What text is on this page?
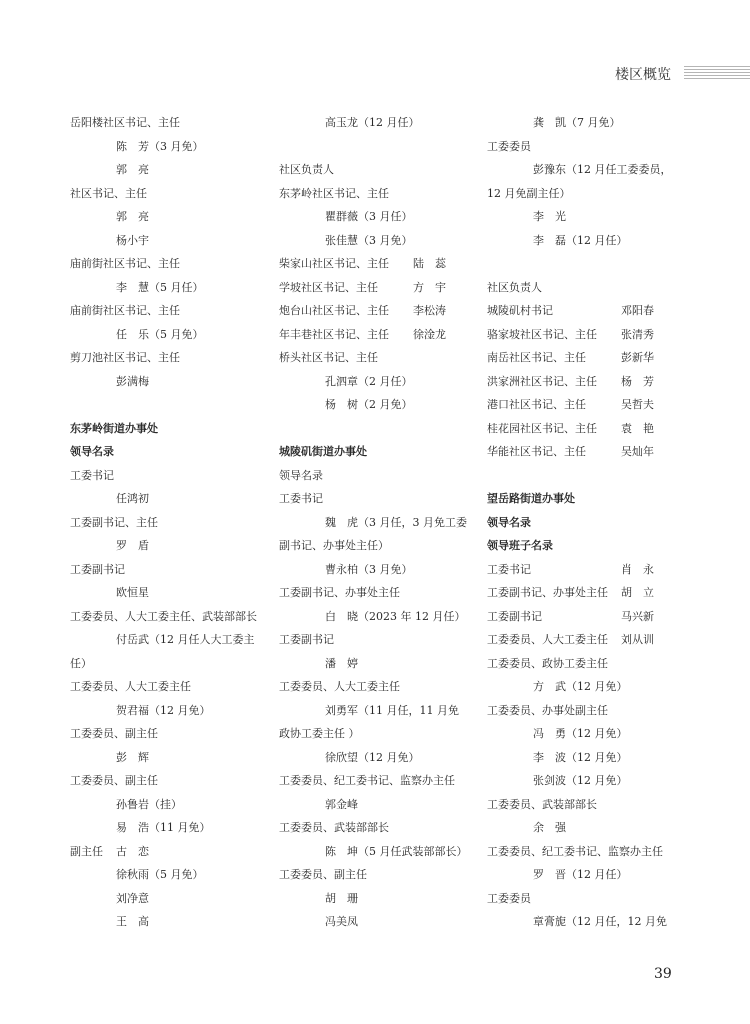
楼区概览
岳阳楼社区书记、主任
陈　芳（3 月免）
郭　亮
社区书记、主任
郭　亮
杨小宇
庙前街社区书记、主任
李　慧（5 月任）
庙前街社区书记、主任
任　乐（5 月免）
剪刀池社区书记、主任
彭满梅
东茅岭街道办事处
领导名录
工委书记
任鸿初
工委副书记、主任
罗　盾
工委副书记
欧恒星
工委委员、人大工委主任、武装部部长
付岳武（12 月任人大工委主
任）
工委委员、人大工委主任
贺君福（12 月免）
工委委员、副主任
彭　辉
工委委员、副主任
孙鲁岩（挂）
易　浩（11 月免）
副主任	古　恋
徐秋雨（5 月免）
刘净意
王　高
高玉龙（12 月任）
社区负责人
东茅岭社区书记、主任
瞿群薇（3 月任）
张佳慧（3 月免）
柴家山社区书记、主任	陆　蕊
学坡社区书记、主任	方　宇
炮台山社区书记、主任	李松涛
年丰巷社区书记、主任	徐淦龙
桥头社区书记、主任
孔泗章（2 月任）
杨　树（2 月免）
城陵矶街道办事处
领导名录
工委书记
魏　虎（3 月任，3 月免工委
副书记、办事处主任）
曹永柏（3 月免）
工委副书记、办事处主任
白　晓（2023 年 12 月任）
工委副书记
潘　婷
工委委员、人大工委主任
刘勇军（11 月任，11 月免
政协工委主任 ）
徐欣望（12 月免）
工委委员、纪工委书记、监察办主任
郭金峰
工委委员、武装部部长
陈　坤（5 月任武装部部长）
工委委员、副主任
胡　珊
冯美凤
龚　凯（7 月免）
工委委员
彭豫东（12 月任工委委员，
12 月免副主任）
李　光
李　磊（12 月任）
社区负责人
城陵矶村书记	邓阳春
骆家坡社区书记、主任	张清秀
南岳社区书记、主任	彭新华
洪家洲社区书记、主任	杨　芳
港口社区书记、主任	吴哲夫
桂花园社区书记、主任	袁　艳
华能社区书记、主任	吴灿年
望岳路街道办事处
领导名录
领导班子名录
工委书记	肖　永
工委副书记、办事处主任	胡　立
工委副书记	马兴新
工委委员、人大工委主任	刘从训
工委委员、政协工委主任
方　武（12 月免）
工委委员、办事处副主任
冯　勇（12 月免）
李　波（12 月免）
张剑波（12 月免）
工委委员、武装部部长
余　强
工委委员、纪工委书记、监察办主任
罗　晋（12 月任）
工委委员
章膏旎（12 月任，12 月免
39
